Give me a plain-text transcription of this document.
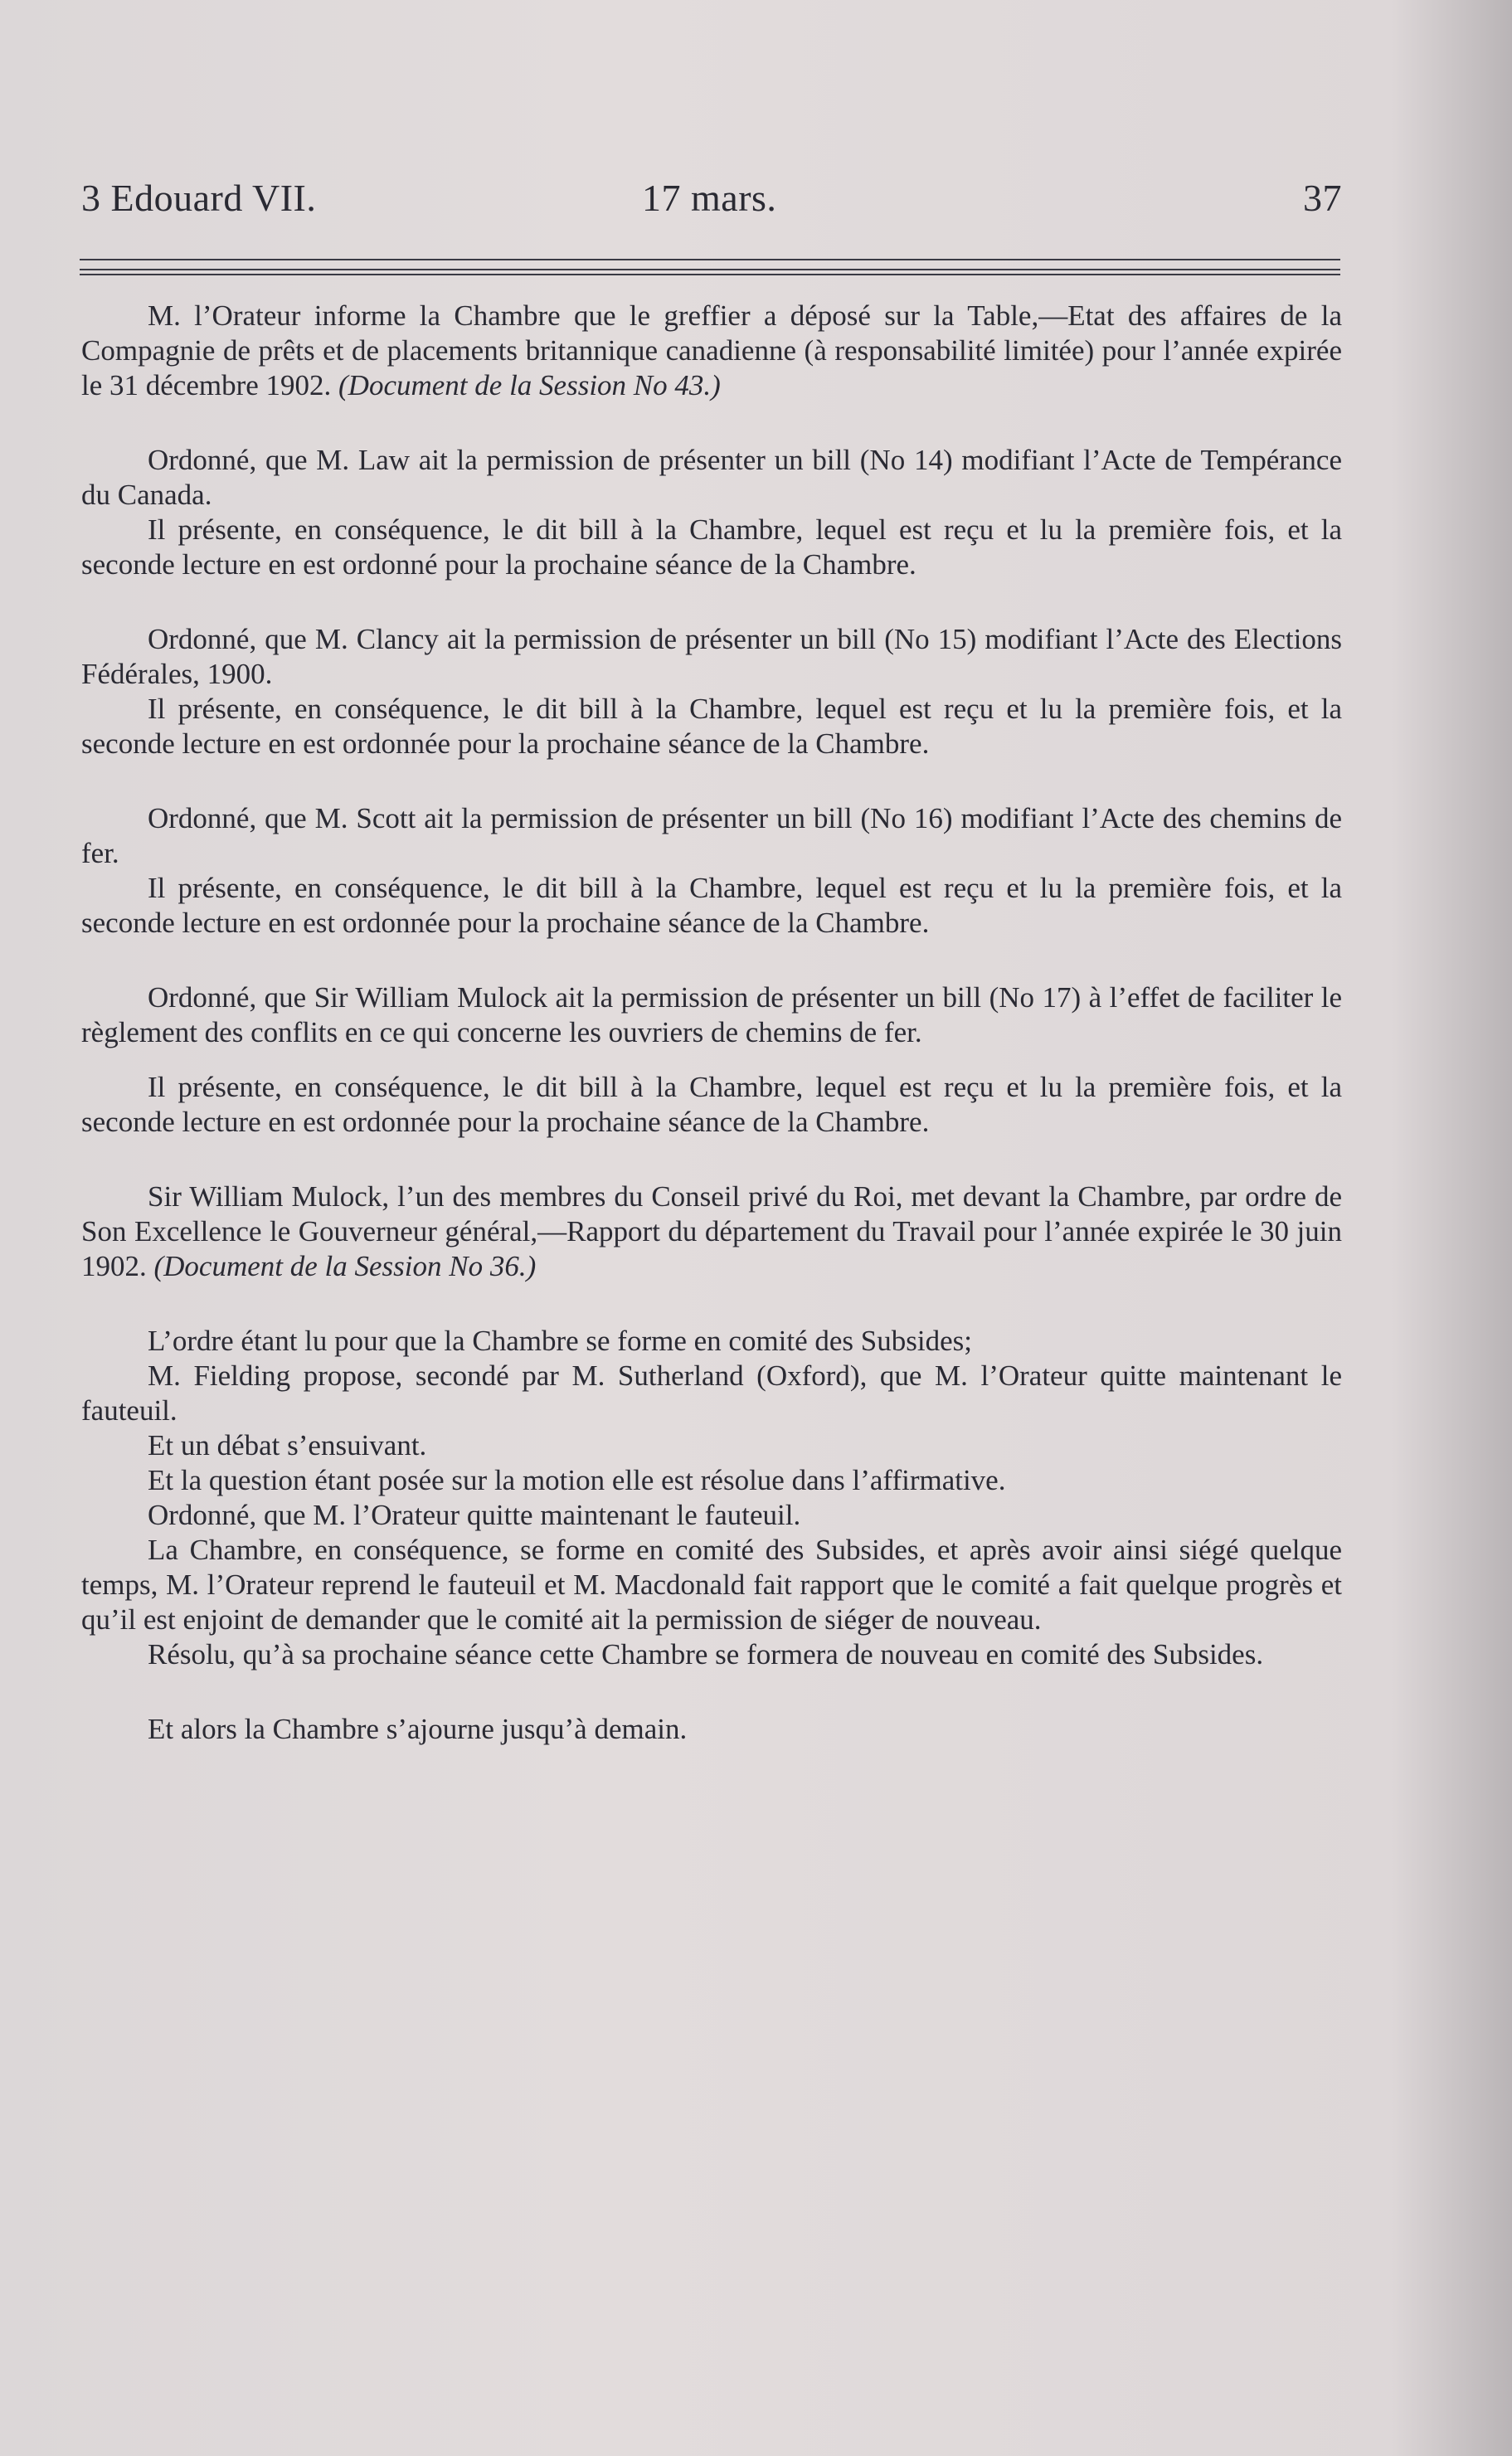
3 Edouard VII.	17 mars.	37

M. l’Orateur informe la Chambre que le greffier a déposé sur la Table,—Etat des affaires de la Compagnie de prêts et de placements britannique canadienne (à responsabilité limitée) pour l’année expirée le 31 décembre 1902. (Document de la Session No 43.)

Ordonné, que M. Law ait la permission de présenter un bill (No 14) modifiant l’Acte de Tempérance du Canada.

Il présente, en conséquence, le dit bill à la Chambre, lequel est reçu et lu la première fois, et la seconde lecture en est ordonné pour la prochaine séance de la Chambre.

Ordonné, que M. Clancy ait la permission de présenter un bill (No 15) modifiant l’Acte des Elections Fédérales, 1900.

Il présente, en conséquence, le dit bill à la Chambre, lequel est reçu et lu la première fois, et la seconde lecture en est ordonnée pour la prochaine séance de la Chambre.

Ordonné, que M. Scott ait la permission de présenter un bill (No 16) modifiant l’Acte des chemins de fer.

Il présente, en conséquence, le dit bill à la Chambre, lequel est reçu et lu la première fois, et la seconde lecture en est ordonnée pour la prochaine séance de la Chambre.

Ordonné, que Sir William Mulock ait la permission de présenter un bill (No 17) à l’effet de faciliter le règlement des conflits en ce qui concerne les ouvriers de chemins de fer.

Il présente, en conséquence, le dit bill à la Chambre, lequel est reçu et lu la première fois, et la seconde lecture en est ordonnée pour la prochaine séance de la Chambre.

Sir William Mulock, l’un des membres du Conseil privé du Roi, met devant la Chambre, par ordre de Son Excellence le Gouverneur général,—Rapport du département du Travail pour l’année expirée le 30 juin 1902. (Document de la Session No 36.)

L’ordre étant lu pour que la Chambre se forme en comité des Subsides;

M. Fielding propose, secondé par M. Sutherland (Oxford), que M. l’Orateur quitte maintenant le fauteuil.

Et un débat s’ensuivant.

Et la question étant posée sur la motion elle est résolue dans l’affirmative.

Ordonné, que M. l’Orateur quitte maintenant le fauteuil.

La Chambre, en conséquence, se forme en comité des Subsides, et après avoir ainsi siégé quelque temps, M. l’Orateur reprend le fauteuil et M. Macdonald fait rapport que le comité a fait quelque progrès et qu’il est enjoint de demander que le comité ait la permission de siéger de nouveau.

Résolu, qu’à sa prochaine séance cette Chambre se formera de nouveau en comité des Subsides.

Et alors la Chambre s’ajourne jusqu’à demain.
